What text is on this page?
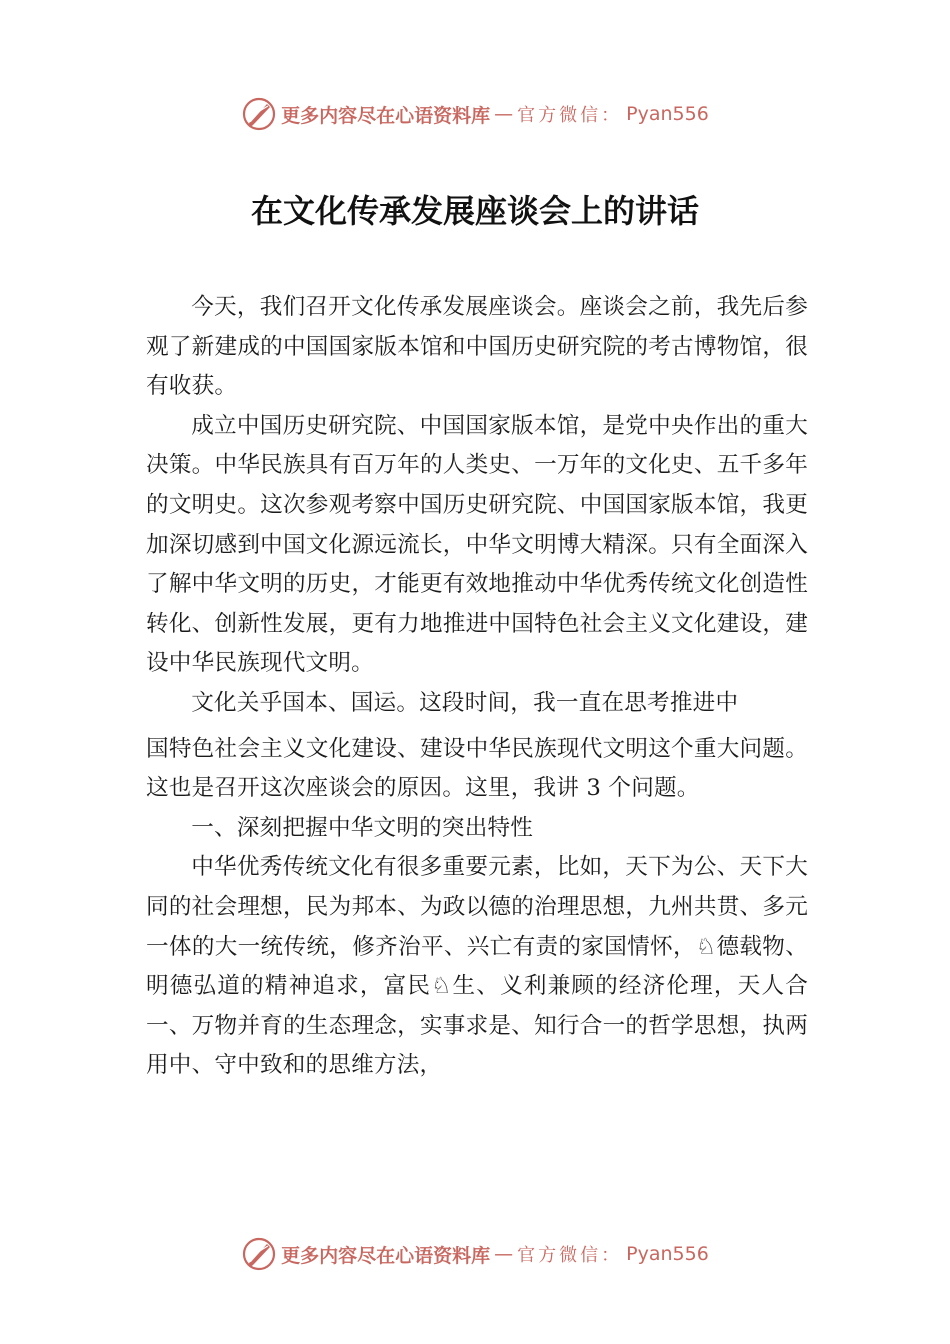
更多内容尽在心语资料库 — 官方微信： Pyan556
在文化传承发展座谈会上的讲话

今天，我们召开文化传承发展座谈会。座谈会之前，我先后参观了新建成的中国国家版本馆和中国历史研究院的考古博物馆，很有收获。

成立中国历史研究院、中国国家版本馆，是党中央作出的重大决策。中华民族具有百万年的人类史、一万年的文化史、五千多年的文明史。这次参观考察中国历史研究院、中国国家版本馆，我更加深切感到中国文化源远流长，中华文明博大精深。只有全面深入了解中华文明的历史，才能更有效地推动中华优秀传统文化创造性转化、创新性发展，更有力地推进中国特色社会主义文化建设，建设中华民族现代文明。

文化关乎国本、国运。这段时间，我一直在思考推进中

国特色社会主义文化建设、建设中华民族现代文明这个重大问题。这也是召开这次座谈会的原因。这里，我讲 3 个问题。

一、深刻把握中华文明的突出特性

中华优秀传统文化有很多重要元素，比如，天下为公、天下大同的社会理想，民为邦本、为政以德的治理思想，九州共贯、多元一体的大一统传统，修齐治平、兴亡有责的家国情怀，♘德载物、明德弘道的精神追求，富民♘生、义利兼顾的经济伦理，天人合一、万物并育的生态理念，实事求是、知行合一的哲学思想，执两用中、守中致和的思维方法，

更多内容尽在心语资料库 — 官方微信： Pyan556
